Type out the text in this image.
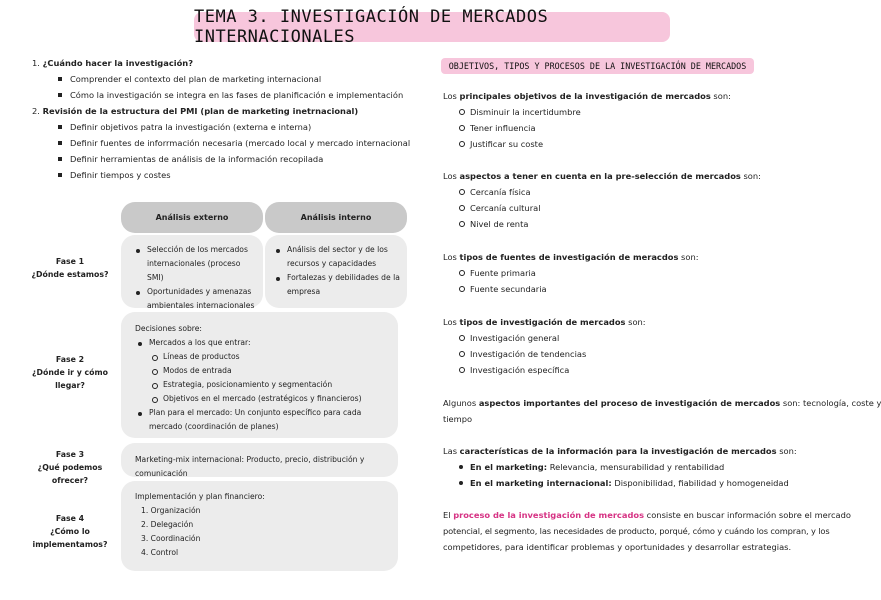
TEMA 3. INVESTIGACIÓN DE MERCADOS INTERNACIONALES
1. ¿Cuándo hacer la investigación?
Comprender el contexto del plan de marketing internacional
Cómo la investigación se integra en las fases de planificación e implementación
2. Revisión de la estructura del PMI (plan de marketing inetrnacional)
Definir objetivos patra la investigación (externa e interna)
Definir fuentes de inforrmación necesaria (mercado local y mercado internacional
Definir herramientas de análisis de la información recopilada
Definir tiempos y costes
Análisis externo	Análisis interno
Fase 1
¿Dónde estamos?
Selección de los mercados internacionales (proceso SMI)
Oportunidades y amenazas ambientales internacionales
Análisis del sector y de los recursos y capacidades
Fortalezas y debilidades de la empresa
Fase 2
¿Dónde ir y cómo llegar?
Decisiones sobre:
Mercados a los que entrar:
Líneas de productos
Modos de entrada
Estrategia, posicionamiento y segmentación
Objetivos en el mercado (estratégicos y financieros)
Plan para el mercado: Un conjunto específico para cada mercado (coordinación de planes)
Fase 3
¿Qué podemos ofrecer?
Marketing-mix internacional: Producto, precio, distribución y comunicación
Fase 4
¿Cómo lo implementamos?
Implementación y plan financiero:
1. Organización
2. Delegación
3. Coordinación
4. Control
OBJETIVOS, TIPOS Y PROCESOS DE LA INVESTIGACIÓN DE MERCADOS
Los principales objetivos de la investigación de mercados son:
Disminuir la incertidumbre
Tener influencia
Justificar su coste
Los aspectos a tener en cuenta en la pre-selección de mercados son:
Cercanía física
Cercanía cultural
Nivel de renta
Los tipos de fuentes de investigación de meracdos son:
Fuente primaria
Fuente secundaria
Los tipos de investigación de mercados son:
Investigación general
Investigación de tendencias
Investigación específica
Algunos aspectos importantes del proceso de investigación de mercados son: tecnología, coste y
tiempo
Las características de la información para la investigación de mercados son:
En el marketing: Relevancia, mensurabilidad y rentabilidad
En el marketing internacional: Disponibilidad, fiabilidad y homogeneidad
El proceso de la investigación de mercados consiste en buscar información sobre el mercado
potencial, el segmento, las necesidades de producto, porqué, cómo y cuándo los compran, y los
competidores, para identificar problemas y oportunidades y desarrollar estrategias.
